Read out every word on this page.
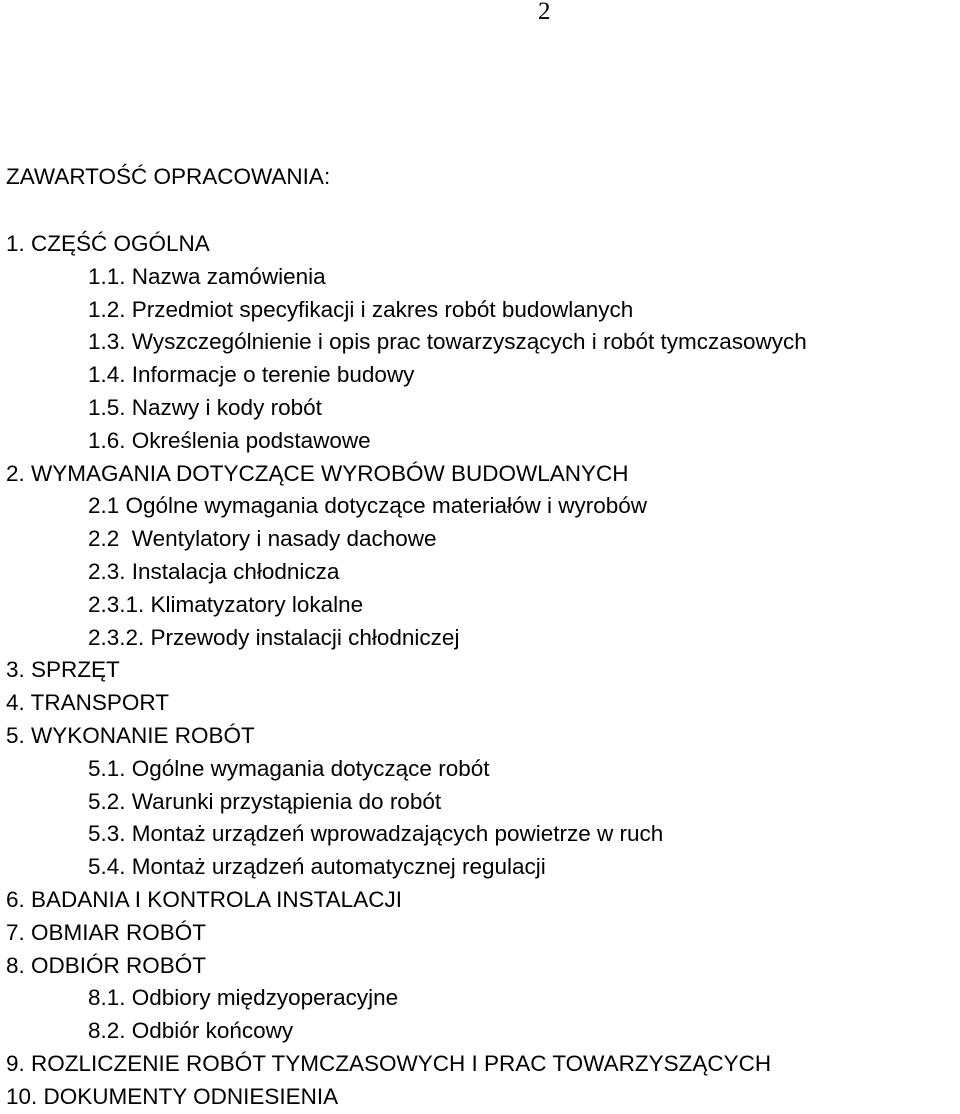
2
ZAWARTOŚĆ OPRACOWANIA:
1. CZĘŚĆ OGÓLNA
1.1. Nazwa zamówienia
1.2. Przedmiot specyfikacji i zakres robót budowlanych
1.3. Wyszczególnienie i opis prac towarzyszących i robót tymczasowych
1.4. Informacje o terenie budowy
1.5. Nazwy i kody robót
1.6. Określenia podstawowe
2. WYMAGANIA DOTYCZĄCE WYROBÓW BUDOWLANYCH
2.1 Ogólne wymagania dotyczące materiałów i wyrobów
2.2  Wentylatory i nasady dachowe
2.3. Instalacja chłodnicza
2.3.1. Klimatyzatory lokalne
2.3.2. Przewody instalacji chłodniczej
3. SPRZĘT
4. TRANSPORT
5. WYKONANIE ROBÓT
5.1. Ogólne wymagania dotyczące robót
5.2. Warunki przystąpienia do robót
5.3. Montaż urządzeń wprowadzających powietrze w ruch
5.4. Montaż urządzeń automatycznej regulacji
6. BADANIA I KONTROLA INSTALACJI
7. OBMIAR ROBÓT
8. ODBIÓR ROBÓT
8.1. Odbiory międzyoperacyjne
8.2. Odbiór końcowy
9. ROZLICZENIE ROBÓT TYMCZASOWYCH I PRAC TOWARZYSZĄCYCH
10. DOKUMENTY ODNIESIENIA
